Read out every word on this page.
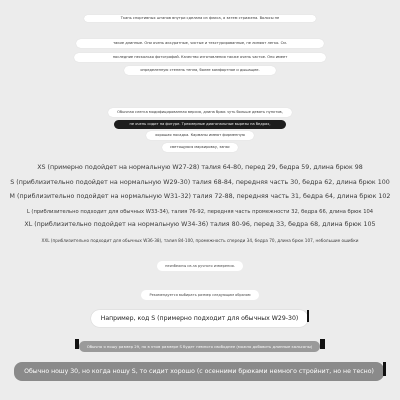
Ткань спортивных штанов внутри сделана из флиса, а затем стрижена. Волосы не
такие длинные. Они очень аккуратные, чистые и текстурированные, не линяют легко. См.
последние несколько фотографий. Качество изготовления также очень частое. Оно имеет
определенную степень тепла, более комфортное и дышащее.
Обычная слегка модифицированная версия, длина брюк чуть больше девять пунктов,
не очень сидит на фигуре. Трехмерные диагональные вырезы на бедрах,
хорошая посадка. Карманы имеют фирменную
светящуюся маркировку, запас
XS (примерно подойдет на нормальную W27-28) талия 64-80, перед 29, бедра 59, длина брюк 98
S (приблизительно подойдет на нормальную W29-30) талия 68-84, передняя часть 30, бедра 62, длина брюк 100
M (приблизительно подойдет на нормальную W31-32) талия 72-88, передняя часть 31, бедра 64, длина брюк 102
L (приблизительно подходит для обычных W33-34), талия 76-92, передняя часть промежности 32, бедра 66, длина брюк 104
XL (приблизительно подойдет на нормальную W34-36) талия 80-96, перед 33, бедра 68, длина брюк 105
XXL (приблизительно подходит для обычных W36-38), талия 84-100, промежность спереди 34, бедра 70, длина брюк 107, небольшие ошибки
неизбежны из-за ручного измерения.
Рекомендуется выбирать размер следующим образом
Например, код S (примерно подходит для обычных W29-30)
Обычно я ношу размер 29, но в этом размере S будет немного свободнее (можно добавить длинные кальсоны)
Обычно ношу 30, но когда ношу S, то сидит хорошо (с осенними брюками немного стройнит, но не тесно)
